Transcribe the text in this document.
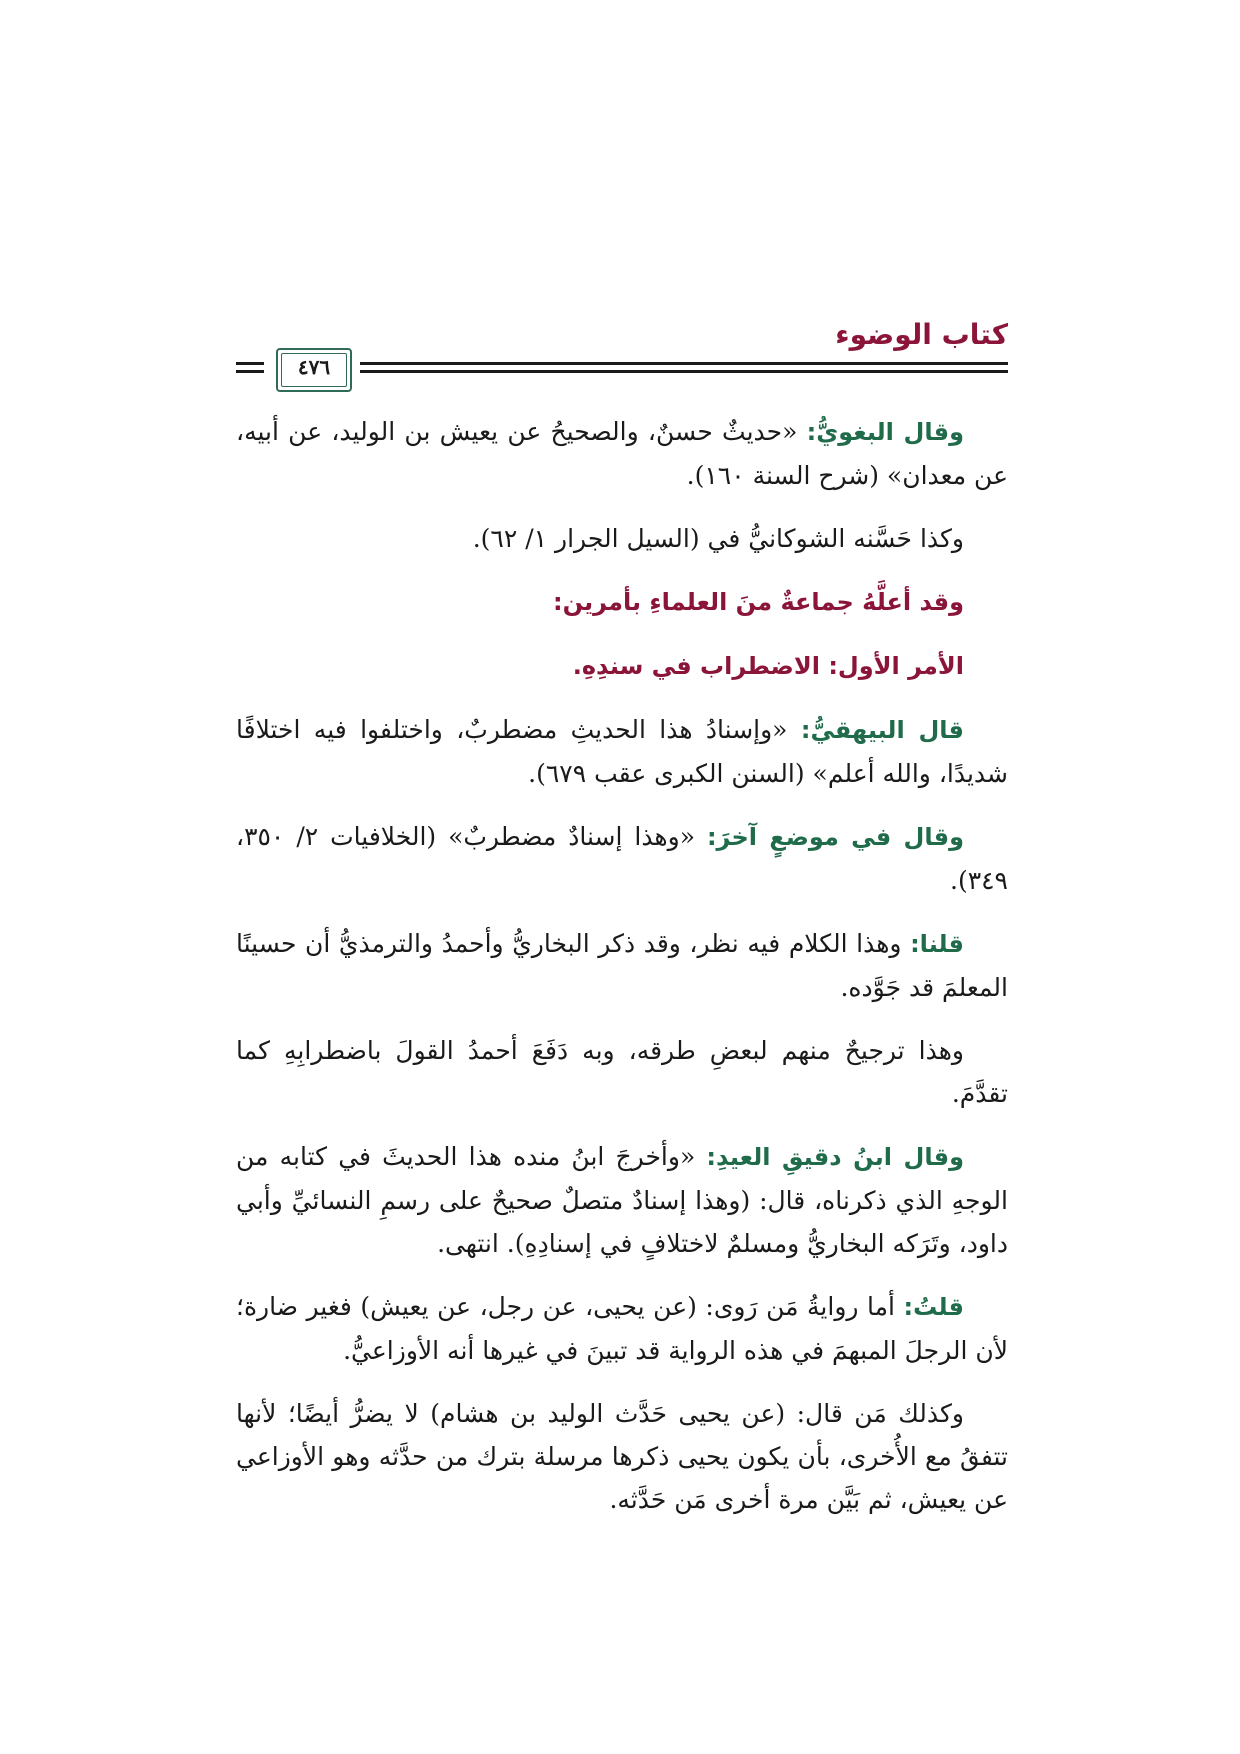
كتاب الوضوء
٤٧٦

وقال البغويُّ: «حديثٌ حسنٌ، والصحيحُ عن يعيش بن الوليد، عن أبيه، عن معدان» (شرح السنة ١٦٠).

وكذا حَسَّنه الشوكانيُّ في (السيل الجرار ١/ ٦٢).

وقد أعلَّهُ جماعةٌ منَ العلماءِ بأمرين:

الأمر الأول: الاضطراب في سندِهِ.

قال البيهقيُّ: «وإسنادُ هذا الحديثِ مضطربٌ، واختلفوا فيه اختلافًا شديدًا، والله أعلم» (السنن الكبرى عقب ٦٧٩).

وقال في موضعٍ آخرَ: «وهذا إسنادٌ مضطربٌ» (الخلافيات ٢/ ٣٥٠، ٣٤٩).

قلنا: وهذا الكلام فيه نظر، وقد ذكر البخاريُّ وأحمدُ والترمذيُّ أن حسينًا المعلمَ قد جَوَّده.

وهذا ترجيحٌ منهم لبعضِ طرقه، وبه دَفَعَ أحمدُ القولَ باضطرابِهِ كما تقدَّمَ.

وقال ابنُ دقيقِ العيدِ: «وأخرجَ ابنُ منده هذا الحديثَ في كتابه من الوجهِ الذي ذكرناه، قال: (وهذا إسنادٌ متصلٌ صحيحٌ على رسمِ النسائيِّ وأبي داود، وتَرَكه البخاريُّ ومسلمٌ لاختلافٍ في إسنادِهِ). انتهى.

قلتُ: أما روايةُ مَن رَوى: (عن يحيى، عن رجل، عن يعيش) فغير ضارة؛ لأن الرجلَ المبهمَ في هذه الرواية قد تبينَ في غيرها أنه الأوزاعيُّ.

وكذلك مَن قال: (عن يحيى حَدَّث الوليد بن هشام) لا يضرُّ أيضًا؛ لأنها تتفقُ مع الأُخرى، بأن يكون يحيى ذكرها مرسلة بترك من حدَّثه وهو الأوزاعي عن يعيش، ثم بَيَّن مرة أخرى مَن حَدَّثه.
